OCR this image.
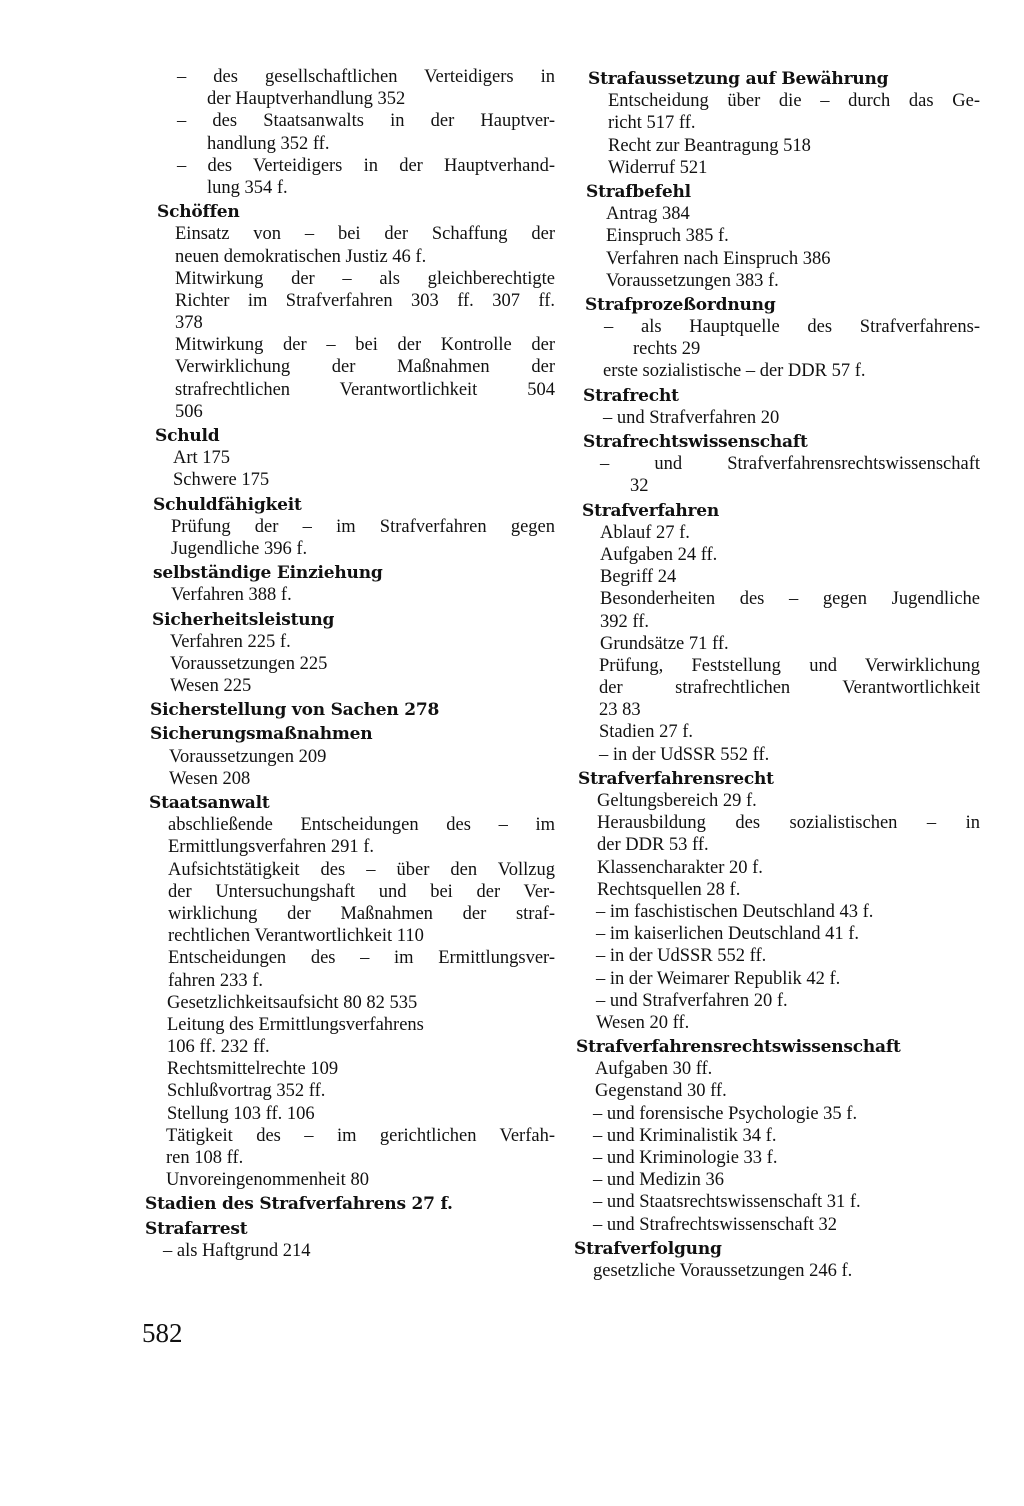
– des gesellschaftlichen Verteidigers in
der Hauptverhandlung 352
– des Staatsanwalts in der Hauptver-
handlung 352 ff.
– des Verteidigers in der Hauptverhand-
lung 354 f.
Schöffen
Einsatz von – bei der Schaffung der
neuen demokratischen Justiz 46 f.
Mitwirkung der – als gleichberechtigte
Richter im Strafverfahren 303 ff. 307 ff.
378
Mitwirkung der – bei der Kontrolle der
Verwirklichung der Maßnahmen der
strafrechtlichen Verantwortlichkeit 504
506
Schuld
Art 175
Schwere 175
Schuldfähigkeit
Prüfung der – im Strafverfahren gegen
Jugendliche 396 f.
selbständige Einziehung
Verfahren 388 f.
Sicherheitsleistung
Verfahren 225 f.
Voraussetzungen 225
Wesen 225
Sicherstellung von Sachen 278
Sicherungsmaßnahmen
Voraussetzungen 209
Wesen 208
Staatsanwalt
abschließende Entscheidungen des – im
Ermittlungsverfahren 291 f.
Aufsichtstätigkeit des – über den Vollzug
der Untersuchungshaft und bei der Ver-
wirklichung der Maßnahmen der straf-
rechtlichen Verantwortlichkeit 110
Entscheidungen des – im Ermittlungsver-
fahren 233 f.
Gesetzlichkeitsaufsicht 80 82 535
Leitung des Ermittlungsverfahrens
106 ff. 232 ff.
Rechtsmittelrechte 109
Schlußvortrag 352 ff.
Stellung 103 ff. 106
Tätigkeit des – im gerichtlichen Verfah-
ren 108 ff.
Unvoreingenommenheit 80
Stadien des Strafverfahrens 27 f.
Strafarrest
– als Haftgrund 214
Strafaussetzung auf Bewährung
Entscheidung über die – durch das Ge-
richt 517 ff.
Recht zur Beantragung 518
Widerruf 521
Strafbefehl
Antrag 384
Einspruch 385 f.
Verfahren nach Einspruch 386
Voraussetzungen 383 f.
Strafprozeßordnung
– als Hauptquelle des Strafverfahrens-
rechts 29
erste sozialistische – der DDR 57 f.
Strafrecht
– und Strafverfahren 20
Strafrechtswissenschaft
– und Strafverfahrensrechtswissenschaft
32
Strafverfahren
Ablauf 27 f.
Aufgaben 24 ff.
Begriff 24
Besonderheiten des – gegen Jugendliche
392 ff.
Grundsätze 71 ff.
Prüfung, Feststellung und Verwirklichung
der strafrechtlichen Verantwortlichkeit
23 83
Stadien 27 f.
– in der UdSSR 552 ff.
Strafverfahrensrecht
Geltungsbereich 29 f.
Herausbildung des sozialistischen – in
der DDR 53 ff.
Klassencharakter 20 f.
Rechtsquellen 28 f.
– im faschistischen Deutschland 43 f.
– im kaiserlichen Deutschland 41 f.
– in der UdSSR 552 ff.
– in der Weimarer Republik 42 f.
– und Strafverfahren 20 f.
Wesen 20 ff.
Strafverfahrensrechtswissenschaft
Aufgaben 30 ff.
Gegenstand 30 ff.
– und forensische Psychologie 35 f.
– und Kriminalistik 34 f.
– und Kriminologie 33 f.
– und Medizin 36
– und Staatsrechtswissenschaft 31 f.
– und Strafrechtswissenschaft 32
Strafverfolgung
gesetzliche Voraussetzungen 246 f.
582
